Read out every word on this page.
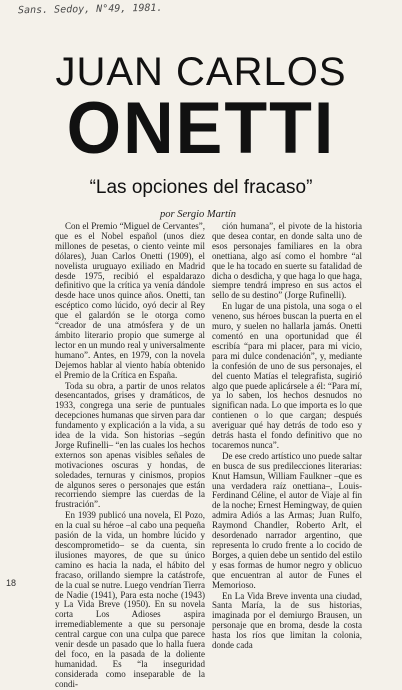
Sans. Sedoy, N°49, 1981.
JUAN CARLOS
ONETTI
“Las opciones del fracaso”
por Sergio Martín

Con el Premio “Miguel de Cervantes”, que es el Nobel español (unos diez millones de pesetas, o ciento veinte mil dólares), Juan Carlos Onetti (1909), el novelista uruguayo exiliado en Madrid desde 1975, recibió el espaldarazo definitivo que la crítica ya venía dándole desde hace unos quince años. Onetti, tan escéptico como lúcido, oyó decir al Rey que el galardón se le otorga como “creador de una atmósfera y de un ámbito literario propio que sumerge al lector en un mundo real y universalmente humano”. Antes, en 1979, con la novela Dejemos hablar al viento había obtenido el Premio de la Crítica en España.

Toda su obra, a partir de unos relatos desencantados, grises y dramáticos, de 1933, congrega una serie de puntuales decepciones humanas que sirven para dar fundamento y explicación a la vida, a su idea de la vida. Son historias –según Jorge Rufinelli– “en las cuales los hechos externos son apenas visibles señales de motivaciones oscuras y hondas, de soledades, ternuras y cinismos, propios de algunos seres o personajes que están recorriendo siempre las cuerdas de la frustración”.

En 1939 publicó una novela, El Pozo, en la cual su héroe –al cabo una pequeña pasión de la vida, un hombre lúcido y descomprometido– se da cuenta, sin ilusiones mayores, de que su único camino es hacia la nada, el hábito del fracaso, orillando siempre la catástrofe, de la cual se nutre. Luego vendrían Tierra de Nadie (1941), Para esta noche (1943) y La Vida Breve (1950). En su novela corta Los Adioses aspira irremediablemente a que su personaje central cargue con una culpa que parece venir desde un pasado que lo halla fuera del foco, en la pasada de la doliente humanidad. Es “la inseguridad considerada como inseparable de la condi-

ción humana”, el pivote de la historia que desea contar, en donde salta uno de esos personajes familiares en la obra onettiana, algo así como el hombre “al que le ha tocado en suerte su fatalidad de dicha o desdicha, y que haga lo que haga, siempre tendrá impreso en sus actos el sello de su destino” (Jorge Rufinelli).

En lugar de una pistola, una soga o el veneno, sus héroes buscan la puerta en el muro, y suelen no hallarla jamás. Onetti comentó en una oportunidad que él escribía “para mi placer, para mi vicio, para mi dulce condenación”, y, mediante la confesión de uno de sus personajes, el del cuento Matías el telegrafista, sugirió algo que puede aplicársele a él: “Para mí, ya lo saben, los hechos desnudos no significan nada. Lo que importa es lo que contienen o lo que cargan; después averiguar qué hay detrás de todo eso y detrás hasta el fondo definitivo que no tocaremos nunca”.

De ese credo artístico uno puede saltar en busca de sus predilecciones literarias: Knut Hamsun, William Faulkner –que es una verdadera raíz onettiana–, Louis-Ferdinand Céline, el autor de Viaje al fin de la noche; Ernest Hemingway, de quien admira Adiós a las Armas; Juan Rulfo, Raymond Chandler, Roberto Arlt, el desordenado narrador argentino, que representa lo crudo frente a lo cocido de Borges, a quien debe un sentido del estilo y esas formas de humor negro y oblicuo que encuentran al autor de Funes el Memorioso.

En La Vida Breve inventa una ciudad, Santa María, la de sus historias, imaginada por el demiurgo Brausen, un personaje que en broma, desde la costa hasta los ríos que limitan la colonia, donde cada

18
